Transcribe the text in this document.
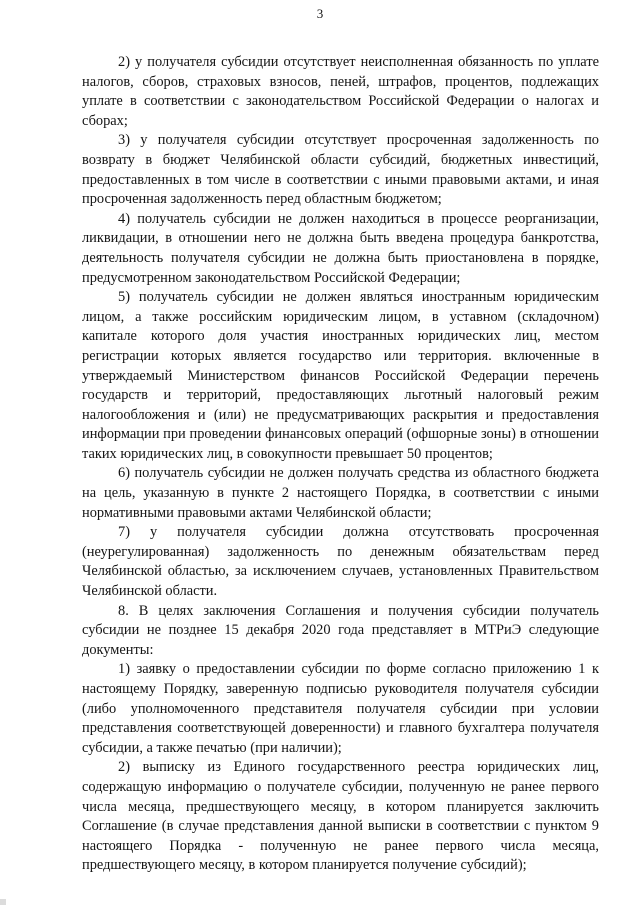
3

2) у получателя субсидии отсутствует неисполненная обязанность по уплате налогов, сборов, страховых взносов, пеней, штрафов, процентов, подлежащих уплате в соответствии с законодательством Российской Федерации о налогах и сборах;

3) у получателя субсидии отсутствует просроченная задолженность по возврату в бюджет Челябинской области субсидий, бюджетных инвестиций, предоставленных в том числе в соответствии с иными правовыми актами, и иная просроченная задолженность перед областным бюджетом;

4) получатель субсидии не должен находиться в процессе реорганизации, ликвидации, в отношении него не должна быть введена процедура банкротства, деятельность получателя субсидии не должна быть приостановлена в порядке, предусмотренном законодательством Российской Федерации;

5) получатель субсидии не должен являться иностранным юридическим лицом, а также российским юридическим лицом, в уставном (складочном) капитале которого доля участия иностранных юридических лиц, местом регистрации которых является государство или территория. включенные в утверждаемый Министерством финансов Российской Федерации перечень государств и территорий, предоставляющих льготный налоговый режим налогообложения и (или) не предусматривающих раскрытия и предоставления информации при проведении финансовых операций (офшорные зоны) в отношении таких юридических лиц, в совокупности превышает 50 процентов;

6) получатель субсидии не должен получать средства из областного бюджета на цель, указанную в пункте 2 настоящего Порядка, в соответствии с иными нормативными правовыми актами Челябинской области;

7) у получателя субсидии должна отсутствовать просроченная (неурегулированная) задолженность по денежным обязательствам перед Челябинской областью, за исключением случаев, установленных Правительством Челябинской области.

8. В целях заключения Соглашения и получения субсидии получатель субсидии не позднее 15 декабря 2020 года представляет в МТРиЭ следующие документы:

1) заявку о предоставлении субсидии по форме согласно приложению 1 к настоящему Порядку, заверенную подписью руководителя получателя субсидии (либо уполномоченного представителя получателя субсидии при условии представления соответствующей доверенности) и главного бухгалтера получателя субсидии, а также печатью (при наличии);

2) выписку из Единого государственного реестра юридических лиц, содержащую информацию о получателе субсидии, полученную не ранее первого числа месяца, предшествующего месяцу, в котором планируется заключить Соглашение (в случае представления данной выписки в соответствии с пунктом 9 настоящего Порядка - полученную не ранее первого числа месяца, предшествующего месяцу, в котором планируется получение субсидий);
